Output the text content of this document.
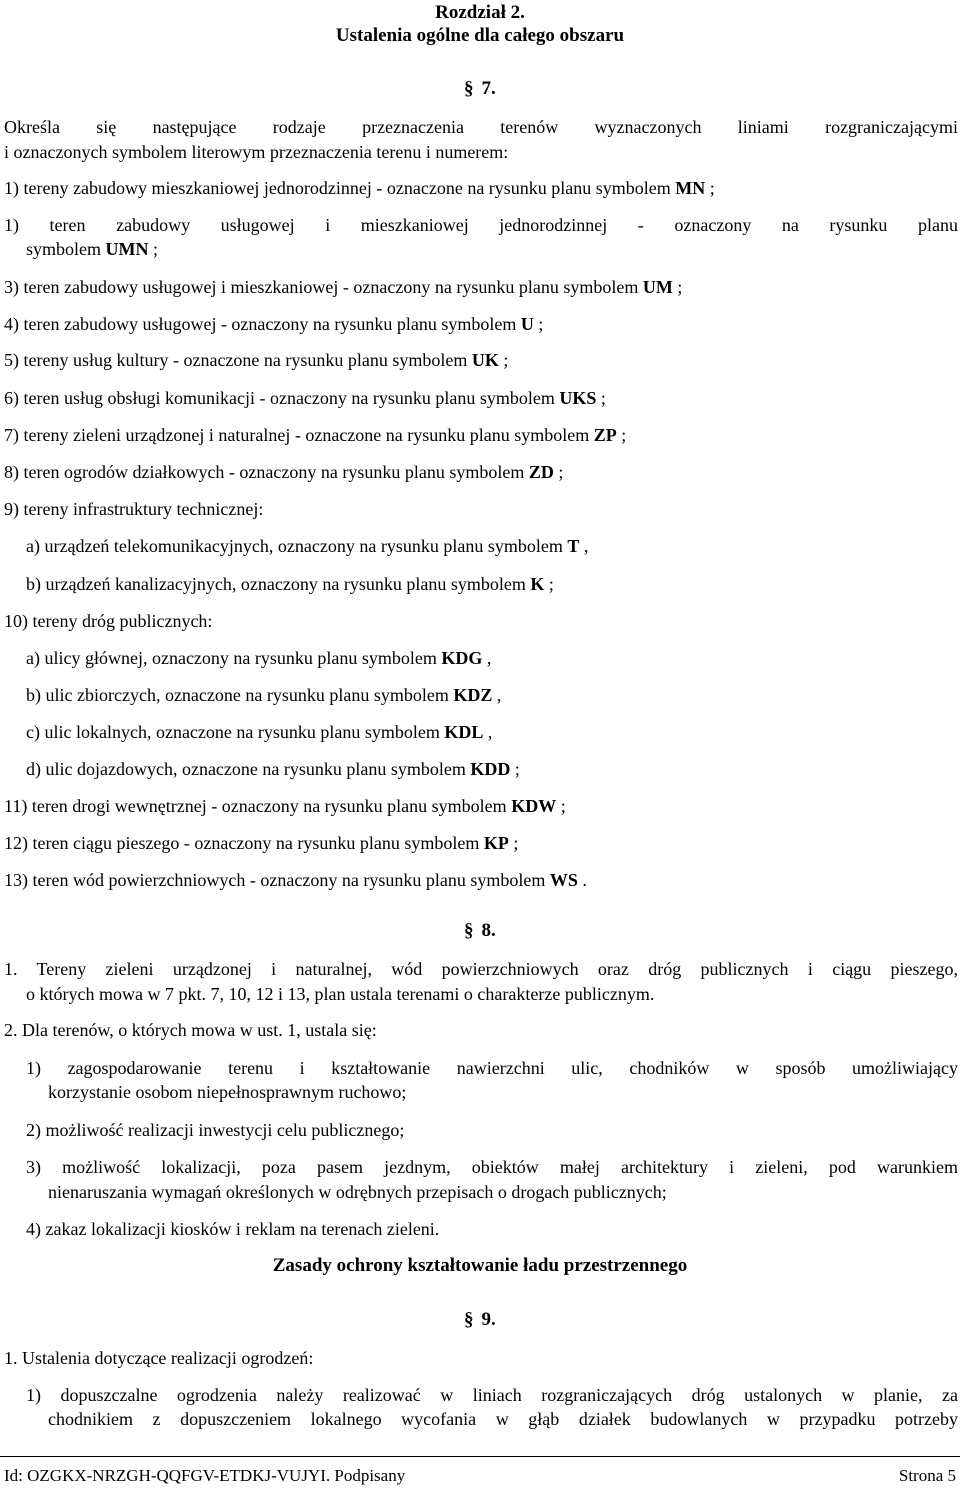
Rozdział 2.
Ustalenia ogólne dla całego obszaru
§ 7.
Określa się następujące rodzaje przeznaczenia terenów wyznaczonych liniami rozgraniczającymi
i oznaczonych symbolem literowym przeznaczenia terenu i numerem:
1) tereny zabudowy mieszkaniowej jednorodzinnej - oznaczone na rysunku planu symbolem MN ;
1) teren zabudowy usługowej i mieszkaniowej jednorodzinnej - oznaczony na rysunku planu
symbolem UMN ;
3) teren zabudowy usługowej i mieszkaniowej - oznaczony na rysunku planu symbolem UM ;
4) teren zabudowy usługowej - oznaczony na rysunku planu symbolem U ;
5) tereny usług kultury - oznaczone na rysunku planu symbolem UK ;
6) teren usług obsługi komunikacji - oznaczony na rysunku planu symbolem UKS ;
7) tereny zieleni urządzonej i naturalnej - oznaczone na rysunku planu symbolem ZP ;
8) teren ogrodów działkowych - oznaczony na rysunku planu symbolem ZD ;
9) tereny infrastruktury technicznej:
a) urządzeń telekomunikacyjnych, oznaczony na rysunku planu symbolem T ,
b) urządzeń kanalizacyjnych, oznaczony na rysunku planu symbolem K ;
10) tereny dróg publicznych:
a) ulicy głównej, oznaczony na rysunku planu symbolem KDG ,
b) ulic zbiorczych, oznaczone na rysunku planu symbolem KDZ ,
c) ulic lokalnych, oznaczone na rysunku planu symbolem KDL ,
d) ulic dojazdowych, oznaczone na rysunku planu symbolem KDD ;
11) teren drogi wewnętrznej - oznaczony na rysunku planu symbolem KDW ;
12) teren ciągu pieszego - oznaczony na rysunku planu symbolem KP ;
13) teren wód powierzchniowych - oznaczony na rysunku planu symbolem WS .
§ 8.
1. Tereny zieleni urządzonej i naturalnej, wód powierzchniowych oraz dróg publicznych i ciągu pieszego,
o których mowa w 7 pkt. 7, 10, 12 i 13, plan ustala terenami o charakterze publicznym.
2. Dla terenów, o których mowa w ust. 1, ustala się:
1) zagospodarowanie terenu i kształtowanie nawierzchni ulic, chodników w sposób umożliwiający
korzystanie osobom niepełnosprawnym ruchowo;
2) możliwość realizacji inwestycji celu publicznego;
3) możliwość lokalizacji, poza pasem jezdnym, obiektów małej architektury i zieleni, pod warunkiem
nienaruszania wymagań określonych w odrębnych przepisach o drogach publicznych;
4) zakaz lokalizacji kiosków i reklam na terenach zieleni.
Zasady ochrony kształtowanie ładu przestrzennego
§ 9.
1. Ustalenia dotyczące realizacji ogrodzeń:
1) dopuszczalne ogrodzenia należy realizować w liniach rozgraniczających dróg ustalonych w planie, za
chodnikiem z dopuszczeniem lokalnego wycofania w głąb działek budowlanych w przypadku potrzeby
Id: OZGKX-NRZGH-QQFGV-ETDKJ-VUJYI. Podpisany	Strona 5
